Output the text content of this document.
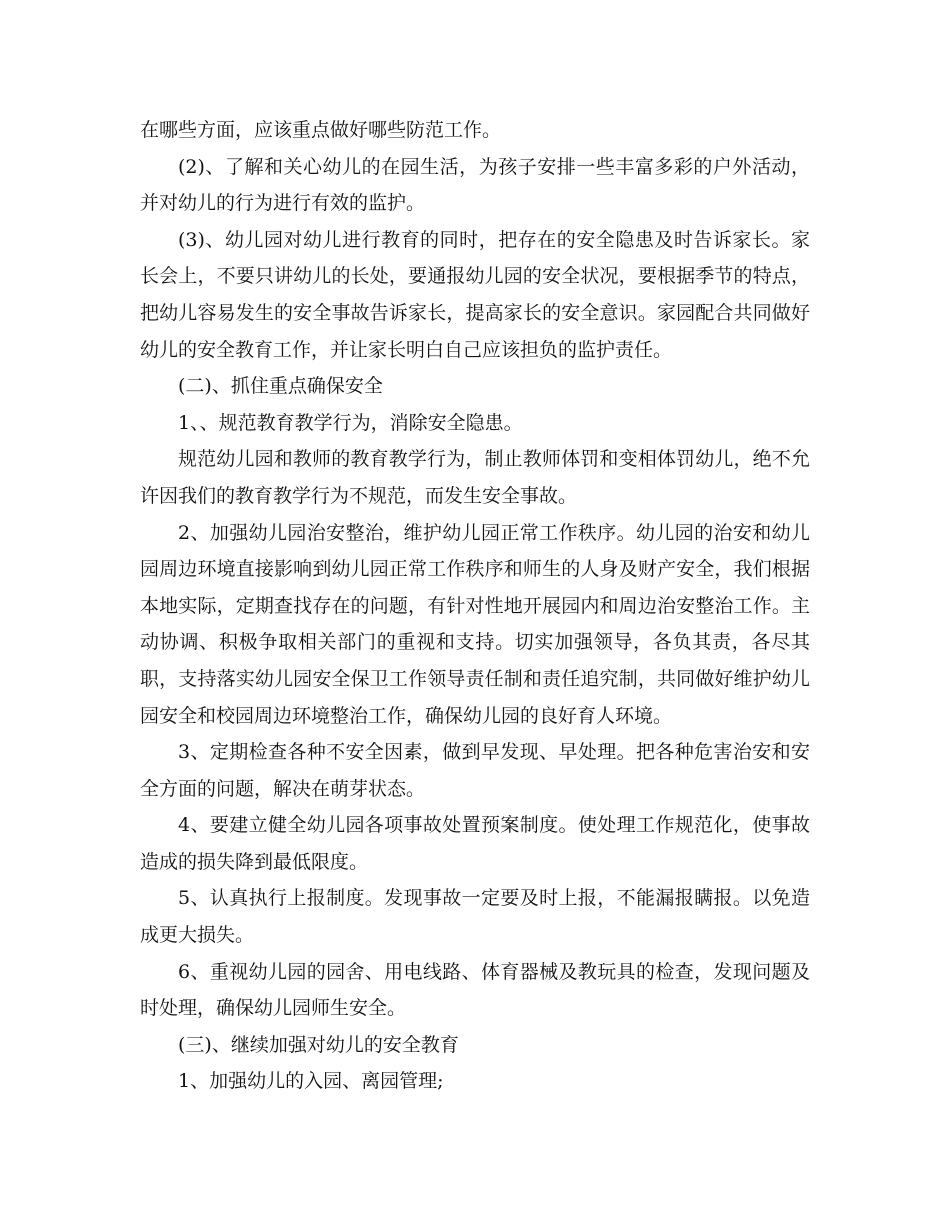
在哪些方面，应该重点做好哪些防范工作。

(2)、了解和关心幼儿的在园生活，为孩子安排一些丰富多彩的户外活动，并对幼儿的行为进行有效的监护。

(3)、幼儿园对幼儿进行教育的同时，把存在的安全隐患及时告诉家长。家长会上，不要只讲幼儿的长处，要通报幼儿园的安全状况，要根据季节的特点，把幼儿容易发生的安全事故告诉家长，提高家长的安全意识。家园配合共同做好幼儿的安全教育工作，并让家长明白自己应该担负的监护责任。

(二)、抓住重点确保安全

1、、规范教育教学行为，消除安全隐患。

规范幼儿园和教师的教育教学行为，制止教师体罚和变相体罚幼儿，绝不允许因我们的教育教学行为不规范，而发生安全事故。

2、加强幼儿园治安整治，维护幼儿园正常工作秩序。幼儿园的治安和幼儿园周边环境直接影响到幼儿园正常工作秩序和师生的人身及财产安全，我们根据本地实际，定期查找存在的问题，有针对性地开展园内和周边治安整治工作。主动协调、积极争取相关部门的重视和支持。切实加强领导，各负其责，各尽其职，支持落实幼儿园安全保卫工作领导责任制和责任追究制，共同做好维护幼儿园安全和校园周边环境整治工作，确保幼儿园的良好育人环境。

3、定期检查各种不安全因素，做到早发现、早处理。把各种危害治安和安全方面的问题，解决在萌芽状态。

4、要建立健全幼儿园各项事故处置预案制度。使处理工作规范化，使事故造成的损失降到最低限度。

5、认真执行上报制度。发现事故一定要及时上报，不能漏报瞒报。以免造成更大损失。

6、重视幼儿园的园舍、用电线路、体育器械及教玩具的检查，发现问题及时处理，确保幼儿园师生安全。

(三)、继续加强对幼儿的安全教育

1、加强幼儿的入园、离园管理;
